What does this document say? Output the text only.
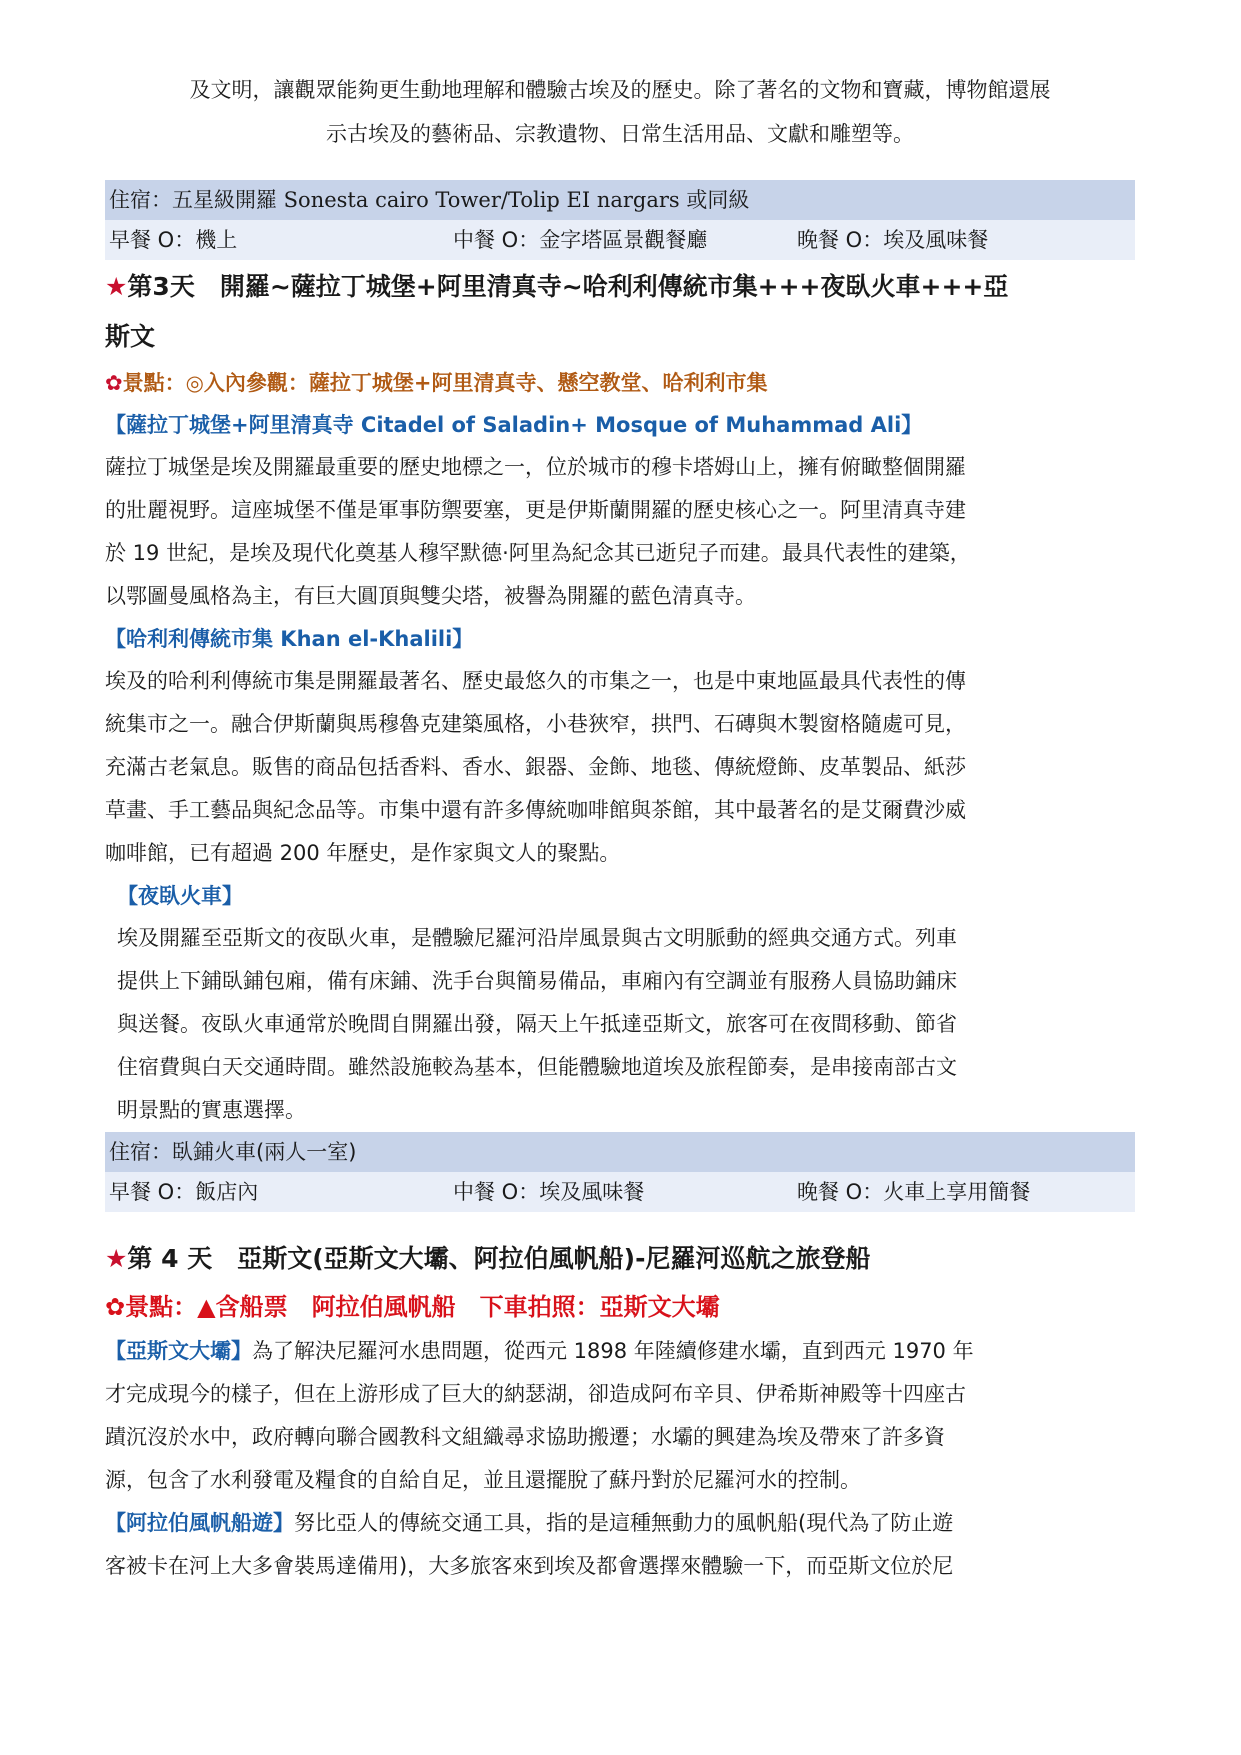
及文明，讓觀眾能夠更生動地理解和體驗古埃及的歷史。除了著名的文物和寶藏，博物館還展
示古埃及的藝術品、宗教遺物、日常生活用品、文獻和雕塑等。
住宿：五星級開羅 Sonesta cairo Tower/Tolip EI nargars 或同級
早餐 O：機上	中餐 O：金字塔區景觀餐廳	晚餐 O：埃及風味餐
★第3天　開羅~薩拉丁城堡+阿里清真寺~哈利利傳統市集+++夜臥火車+++亞
斯文
✿景點：◎入內參觀：薩拉丁城堡+阿里清真寺、懸空教堂、哈利利市集
【薩拉丁城堡+阿里清真寺 Citadel of Saladin+ Mosque of Muhammad Ali】
薩拉丁城堡是埃及開羅最重要的歷史地標之一，位於城市的穆卡塔姆山上，擁有俯瞰整個開羅
的壯麗視野。這座城堡不僅是軍事防禦要塞，更是伊斯蘭開羅的歷史核心之一。阿里清真寺建
於 19 世紀，是埃及現代化奠基人穆罕默德·阿里為紀念其已逝兒子而建。最具代表性的建築，
以鄂圖曼風格為主，有巨大圓頂與雙尖塔，被譽為開羅的藍色清真寺。
【哈利利傳統市集 Khan el-Khalili】
埃及的哈利利傳統市集是開羅最著名、歷史最悠久的市集之一，也是中東地區最具代表性的傳
統集市之一。融合伊斯蘭與馬穆魯克建築風格，小巷狹窄，拱門、石磚與木製窗格隨處可見，
充滿古老氣息。販售的商品包括香料、香水、銀器、金飾、地毯、傳統燈飾、皮革製品、紙莎
草畫、手工藝品與紀念品等。市集中還有許多傳統咖啡館與茶館，其中最著名的是艾爾費沙威
咖啡館，已有超過 200 年歷史，是作家與文人的聚點。
【夜臥火車】
埃及開羅至亞斯文的夜臥火車，是體驗尼羅河沿岸風景與古文明脈動的經典交通方式。列車
提供上下鋪臥鋪包廂，備有床鋪、洗手台與簡易備品，車廂內有空調並有服務人員協助鋪床
與送餐。夜臥火車通常於晚間自開羅出發，隔天上午抵達亞斯文，旅客可在夜間移動、節省
住宿費與白天交通時間。雖然設施較為基本，但能體驗地道埃及旅程節奏，是串接南部古文
明景點的實惠選擇。
住宿：臥鋪火車(兩人一室)
早餐 O：飯店內	中餐 O：埃及風味餐	晚餐 O：火車上享用簡餐
★第 4 天　亞斯文(亞斯文大壩、阿拉伯風帆船)-尼羅河巡航之旅登船
✿景點：▲含船票　阿拉伯風帆船　下車拍照：亞斯文大壩
【亞斯文大壩】為了解決尼羅河水患問題，從西元 1898 年陸續修建水壩，直到西元 1970 年
才完成現今的樣子，但在上游形成了巨大的納瑟湖，卻造成阿布辛貝、伊希斯神殿等十四座古
蹟沉沒於水中，政府轉向聯合國教科文組織尋求協助搬遷；水壩的興建為埃及帶來了許多資
源，包含了水利發電及糧食的自給自足，並且還擺脫了蘇丹對於尼羅河水的控制。
【阿拉伯風帆船遊】努比亞人的傳統交通工具，指的是這種無動力的風帆船(現代為了防止遊
客被卡在河上大多會裝馬達備用)，大多旅客來到埃及都會選擇來體驗一下，而亞斯文位於尼
